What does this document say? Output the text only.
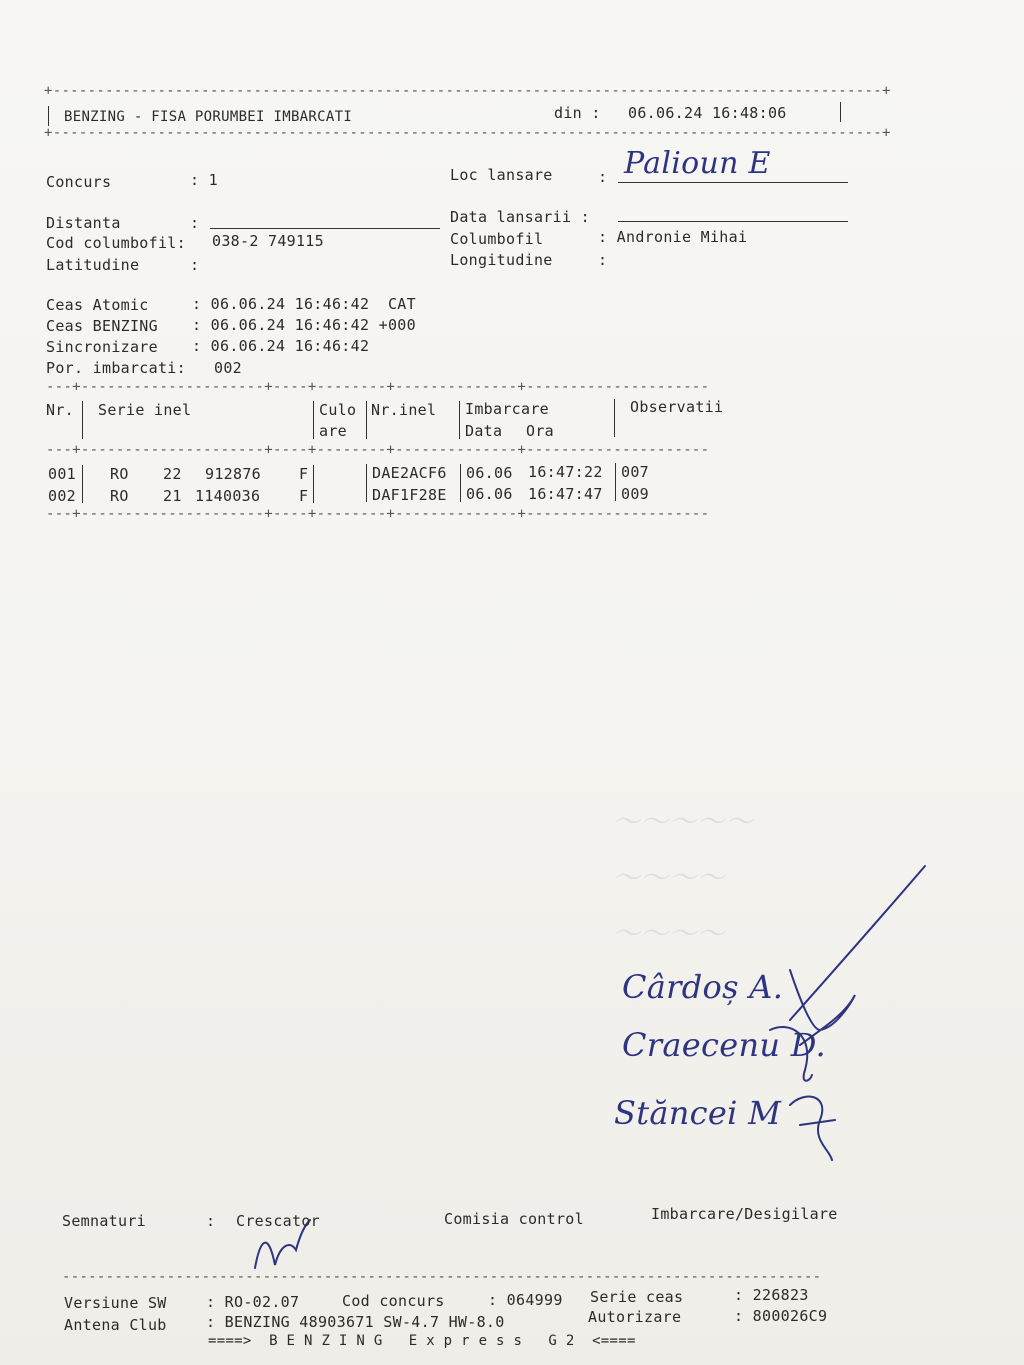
+-----------------------------------------------------------------------------------------------+
BENZING - FISA PORUMBEI IMBARCATI	din : 06.06.24 16:48:06
+-----------------------------------------------------------------------------------------------+
Concurs	: 1
Distanta	:
Cod columbofil: 038-2 749115
Latitudine	:
Loc lansare	: Palioun E
Data lansarii :
Columbofil	: Andronie Mihai
Longitudine	:
Ceas Atomic	: 06.06.24 16:46:42  CAT
Ceas BENZING : 06.06.24 16:46:42 +000
Sincronizare : 06.06.24 16:46:42
Por. imbarcati: 002
---+---------------------+----+--------+--------------+---------------------
Nr. Serie inel	Culo Nr.inel Imbarcare	Observatii
are	Data Ora
---+---------------------+----+--------+--------------+---------------------
001 RO 22 912876	F	DAE2ACF6 06.06 16:47:22 007
002 RO 21 1140036	F	DAF1F28E 06.06 16:47:47 009
---+---------------------+----+--------+--------------+---------------------
～～～～～
～～～～
～～～～
Cârdoș A.
Craecenu D.
Stăncei M
Semnaturi	: Crescator	Comisia control	Imbarcare/Desigilare
---------------------------------------------------------------------------------------
Versiune SW	: RO-02.07	Cod concurs	: 064999 Serie ceas	: 226823
Antena Club	: BENZING 48903671 SW-4.7 HW-8.0	Autorizare	: 800026C9
====>  B E N Z I N G   E x p r e s s   G 2  <====
